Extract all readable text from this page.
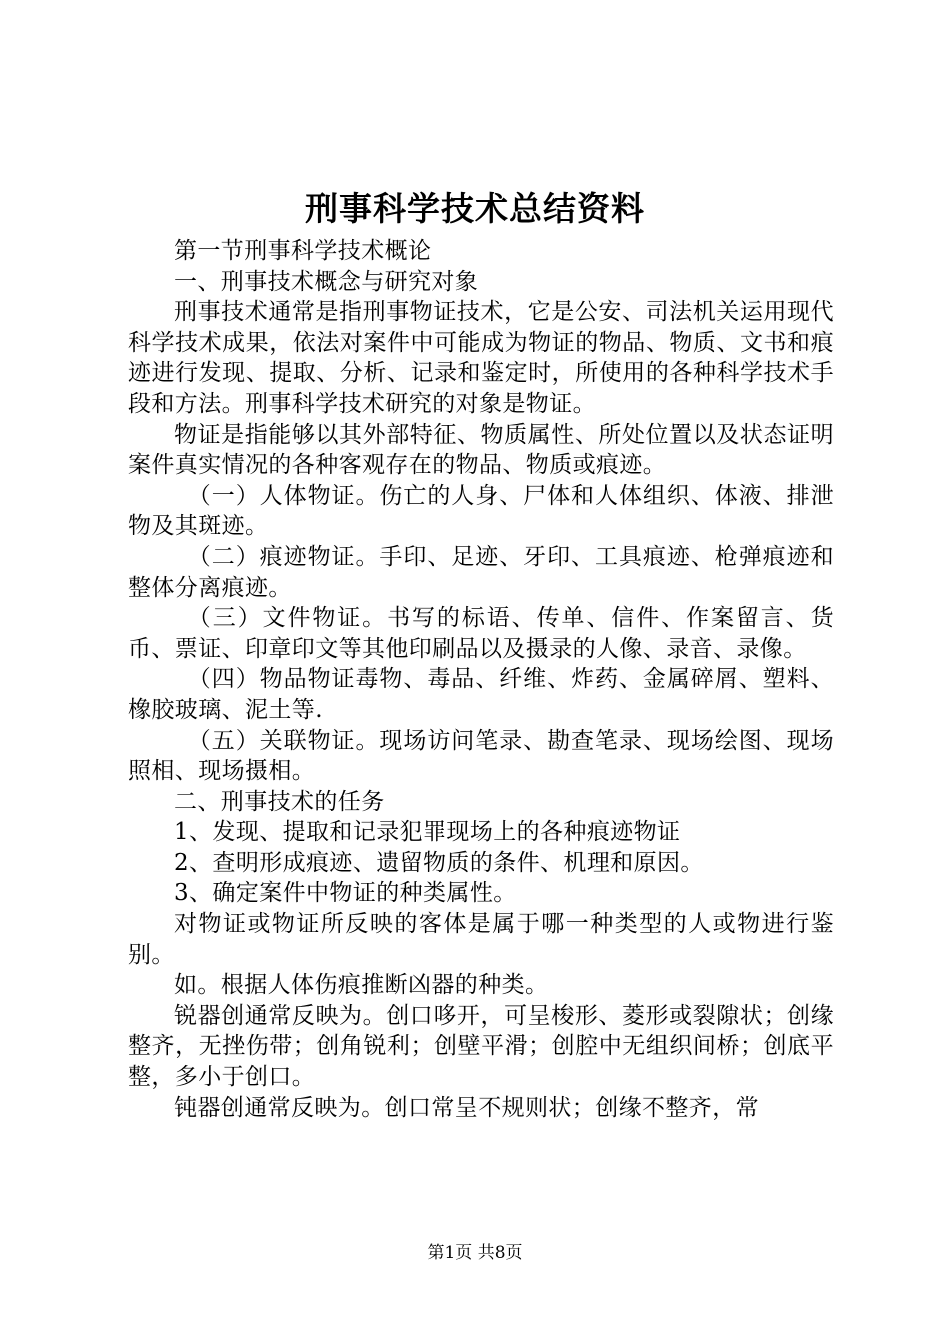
刑事科学技术总结资料

第一节刑事科学技术概论

一、刑事技术概念与研究对象

刑事技术通常是指刑事物证技术，它是公安、司法机关运用现代科学技术成果，依法对案件中可能成为物证的物品、物质、文书和痕迹进行发现、提取、分析、记录和鉴定时，所使用的各种科学技术手段和方法。刑事科学技术研究的对象是物证。

物证是指能够以其外部特征、物质属性、所处位置以及状态证明案件真实情况的各种客观存在的物品、物质或痕迹。

（一）人体物证。伤亡的人身、尸体和人体组织、体液、排泄物及其斑迹。

（二）痕迹物证。手印、足迹、牙印、工具痕迹、枪弹痕迹和整体分离痕迹。

（三）文件物证。书写的标语、传单、信件、作案留言、货币、票证、印章印文等其他印刷品以及摄录的人像、录音、录像。

（四）物品物证毒物、毒品、纤维、炸药、金属碎屑、塑料、橡胶玻璃、泥土等.

（五）关联物证。现场访问笔录、勘查笔录、现场绘图、现场照相、现场摄相。

二、刑事技术的任务

1、发现、提取和记录犯罪现场上的各种痕迹物证

2、查明形成痕迹、遗留物质的条件、机理和原因。

3、确定案件中物证的种类属性。

对物证或物证所反映的客体是属于哪一种类型的人或物进行鉴别。

如。根据人体伤痕推断凶器的种类。

锐器创通常反映为。创口哆开，可呈梭形、菱形或裂隙状；创缘整齐，无挫伤带；创角锐利；创壁平滑；创腔中无组织间桥；创底平整，多小于创口。

钝器创通常反映为。创口常呈不规则状；创缘不整齐，常

第1页 共8页
